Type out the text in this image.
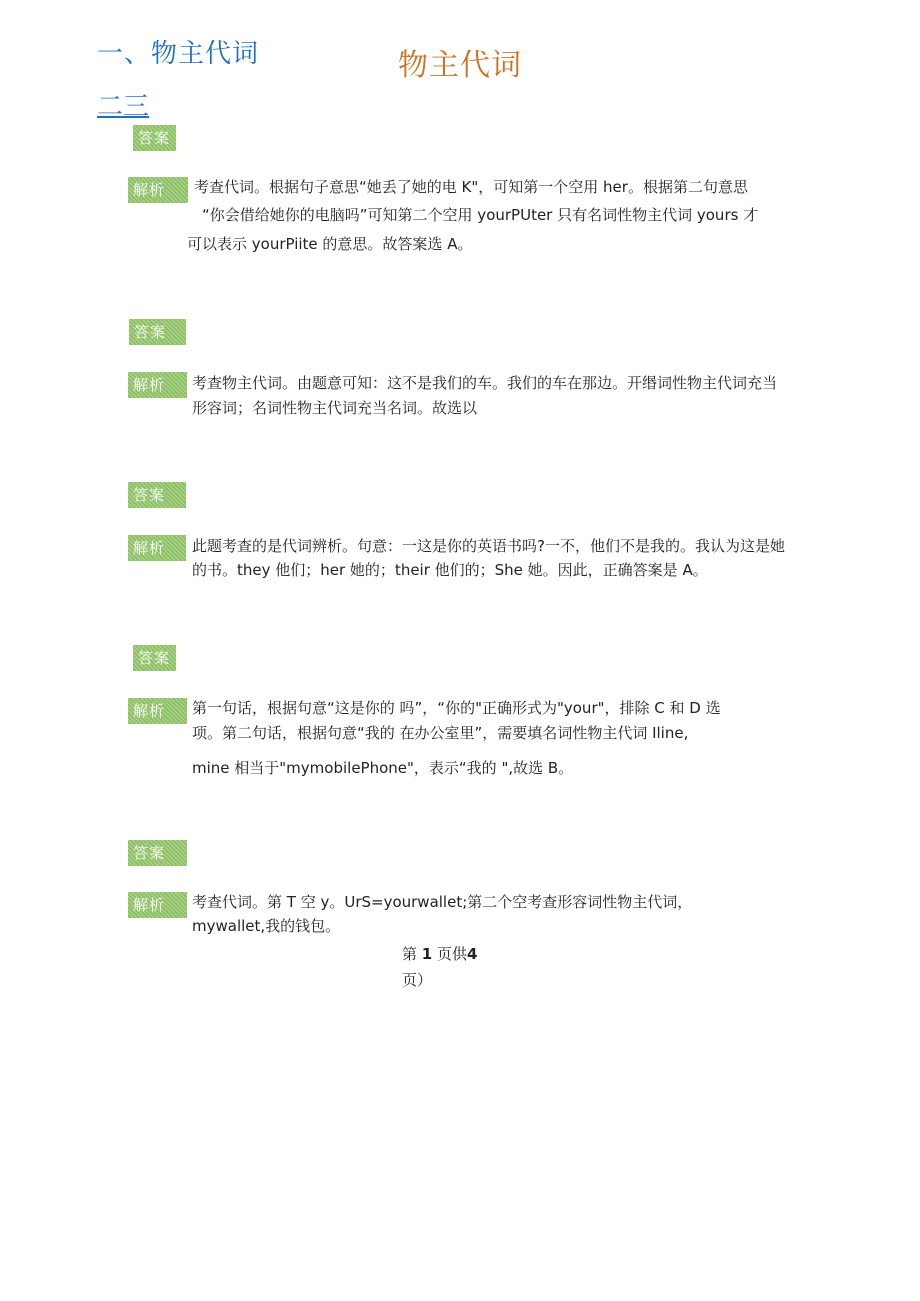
一、物主代词	物主代词
二三
答案
解析	考查代词。根据句子意思“她丢了她的电 K"，可知第一个空用 her。根据第二句意思
“你会借给她你的电脑吗”可知第二个空用 yourPUter 只有名词性物主代词 yours 才
可以表示 yourPiite 的意思。故答案选 A。
答案
解析	考查物主代词。由题意可知：这不是我们的车。我们的车在那边。开缗词性物主代词充当
形容词；名词性物主代词充当名词。故选以
答案
解析	此题考查的是代词辨析。句意：一这是你的英语书吗?一不，他们不是我的。我认为这是她
的书。they 他们；her 她的；their 他们的；She 她。因此，正确答案是 A。
答案
解析	第一句话，根据句意“这是你的 吗”，“你的"正确形式为"your"，排除 C 和 D 选
项。第二句话，根据句意“我的 在办公室里”，需要填名词性物主代词 Iline,
mine 相当于"mymobilePhone"，表示“我的 ",故选 B。
答案
解析	考查代词。第 T 空 y。UrS=yourwallet;第二个空考查形容词性物主代词，
mywallet,我的钱包。
第 1 页供4
页）
